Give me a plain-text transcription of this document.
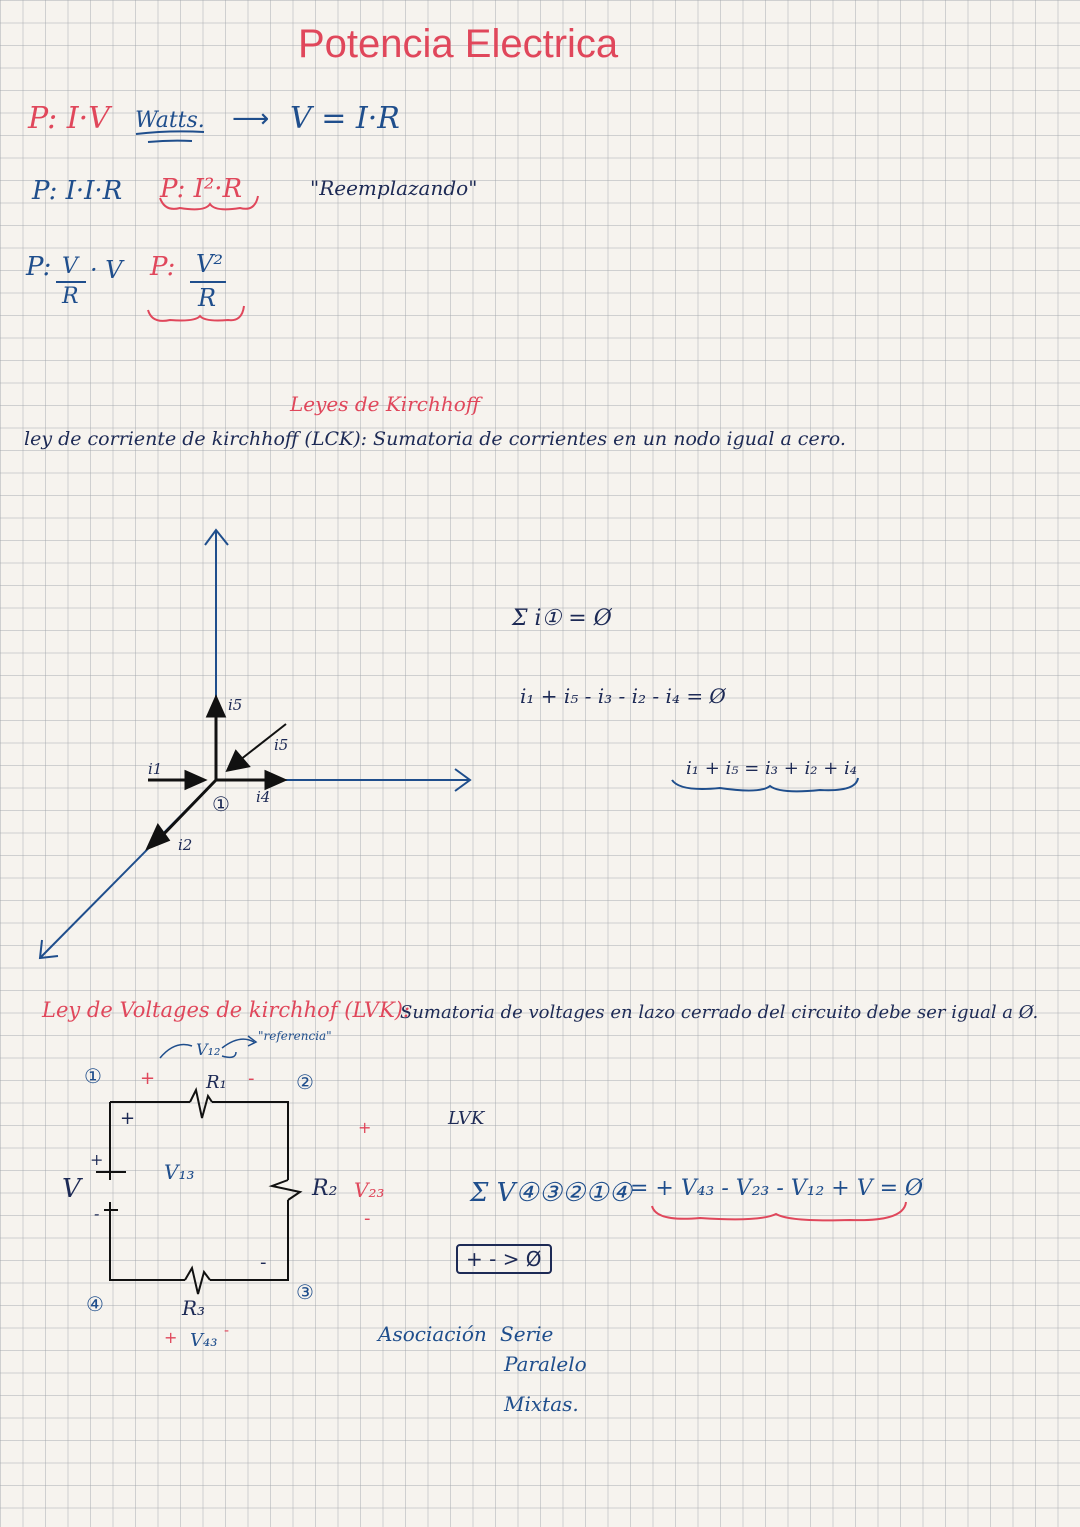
Potencia Electrica
P: I·V Watts. ⟶ V = I·R
P: I·I·R P: I²·R	"Reemplazando"
P: V
R
· V P: V²
R
Leyes de Kirchhoff
ley de corriente de kirchhoff (LCK): Sumatoria de corrientes en un nodo igual a cero.
Σ i① = Ø
i₁ + i₅ - i₃ - i₂ - i₄ = Ø
i₁ + i₅ = i₃ + i₂ + i₄
i5
i5
i1
i4
i2
①
Ley de Voltages de kirchhof (LVK):
Sumatoria de voltages en lazo cerrado del circuito debe ser igual a Ø.
"referencia"
V₁₂
①	②
③
④
+	-
R₁
+
+
V
-
V₁₃
+
R₂ V₂₃
-
-
R₃
+ V₄₃ -
LVK
Σ V④③②①④
= + V₄₃ - V₂₃ - V₁₂ + V = Ø
+ - > Ø
Asociación Serie
Paralelo
Mixtas.
